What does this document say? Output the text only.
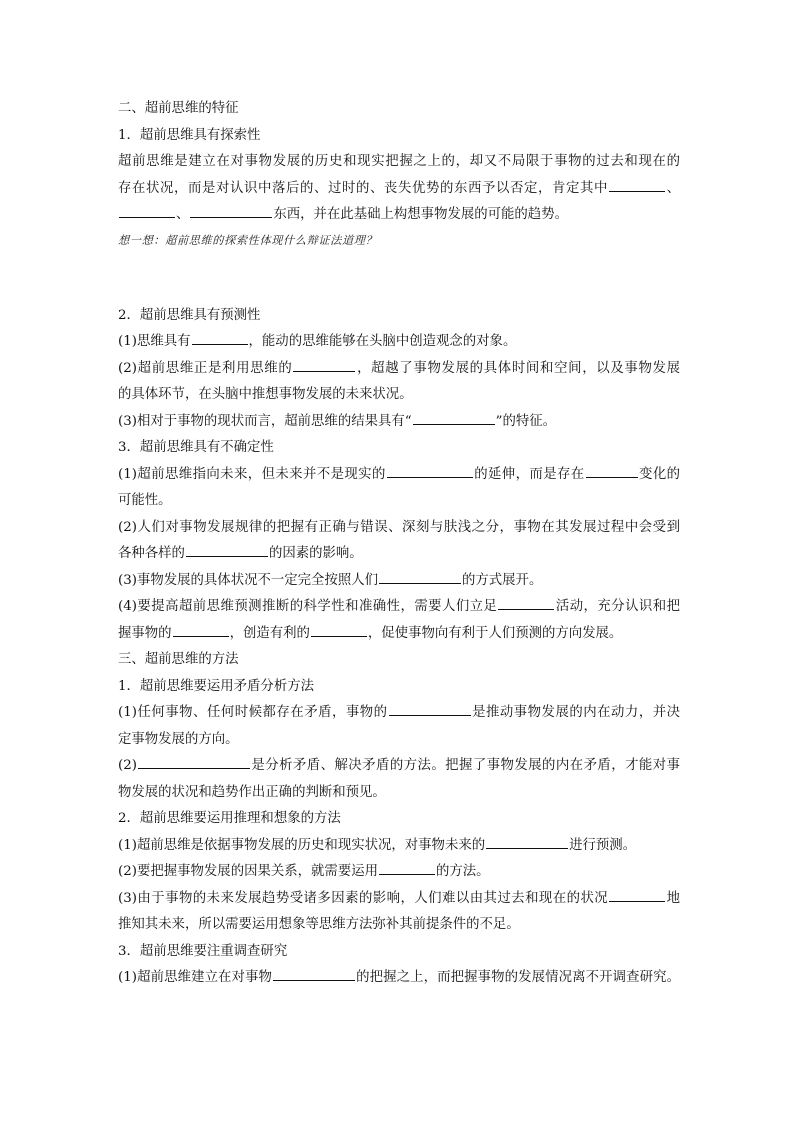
二、超前思维的特征

1．超前思维具有探索性

超前思维是建立在对事物发展的历史和现实把握之上的，却又不局限于事物的过去和现在的

存在状况，而是对认识中落后的、过时的、丧失优势的东西予以否定，肯定其中	、

、	东西，并在此基础上构想事物发展的可能的趋势。

想一想：超前思维的探索性体现什么辩证法道理？

2．超前思维具有预测性

(1)思维具有	，能动的思维能够在头脑中创造观念的对象。

(2)超前思维正是利用思维的	，超越了事物发展的具体时间和空间，以及事物发展

的具体环节，在头脑中推想事物发展的未来状况。

(3)相对于事物的现状而言，超前思维的结果具有“	”的特征。

3．超前思维具有不确定性

(1)超前思维指向未来，但未来并不是现实的	的延伸，而是存在	变化的

可能性。

(2)人们对事物发展规律的把握有正确与错误、深刻与肤浅之分，事物在其发展过程中会受到

各种各样的	的因素的影响。

(3)事物发展的具体状况不一定完全按照人们	的方式展开。

(4)要提高超前思维预测推断的科学性和准确性，需要人们立足	活动，充分认识和把

握事物的	，创造有利的	，促使事物向有利于人们预测的方向发展。

三、超前思维的方法

1．超前思维要运用矛盾分析方法

(1)任何事物、任何时候都存在矛盾，事物的	是推动事物发展的内在动力，并决

定事物发展的方向。

(2)	是分析矛盾、解决矛盾的方法。把握了事物发展的内在矛盾，才能对事

物发展的状况和趋势作出正确的判断和预见。

2．超前思维要运用推理和想象的方法

(1)超前思维是依据事物发展的历史和现实状况，对事物未来的	进行预测。

(2)要把握事物发展的因果关系，就需要运用	的方法。

(3)由于事物的未来发展趋势受诸多因素的影响，人们难以由其过去和现在的状况	地

推知其未来，所以需要运用想象等思维方法弥补其前提条件的不足。

3．超前思维要注重调查研究

(1)超前思维建立在对事物	的把握之上，而把握事物的发展情况离不开调查研究。
